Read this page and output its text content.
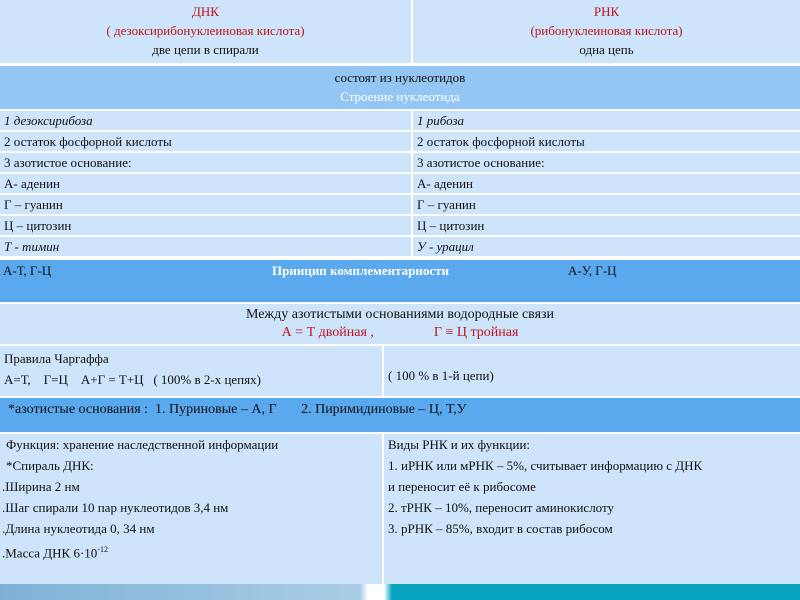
ДНК
( дезоксирибонуклеиновая кислота)
две цепи в спирали
РНК
(рибонуклеиновая кислота)
одна цепь
состоят из нуклеотидов
Строение нуклеотида
1 дезоксирибоза	1 рибоза
2 остаток фосфорной кислоты	2 остаток фосфорной кислоты
3 азотистое основание:	3 азотистое основание:
А- аденин	А- аденин
Г – гуанин	Г – гуанин
Ц – цитозин	Ц – цитозин
Т - тимин	У - урацил
А-Т, Г-Ц	Принцип комплементарности	А-У, Г-Ц
Между азотистыми основаниями водородные связи
А = Т двойная ,	Г ≡ Ц тройная
Правила Чаргаффа
А=Т,    Г=Ц    А+Г = Т+Ц   ( 100% в 2-х цепях)	( 100 % в 1-й цепи)
*азотистые основания :  1. Пуриновые – А, Г       2. Пиримидиновые – Ц, Т,У
Функция: хранение наследственной информации
*Спираль ДНК:
.Ширина 2 нм
.Шаг спирали 10 пар нуклеотидов 3,4 нм
.Длина нуклеотида 0, 34 нм
.Масса ДНК $6\cdot 10^{-12}$
Виды РНК и их функции:
1. иРНК или мРНК – 5%, считывает информацию с ДНК
и переносит её к рибосоме
2. тРНК – 10%, переносит аминокислоту
3. рРНК – 85%, входит в состав рибосом
